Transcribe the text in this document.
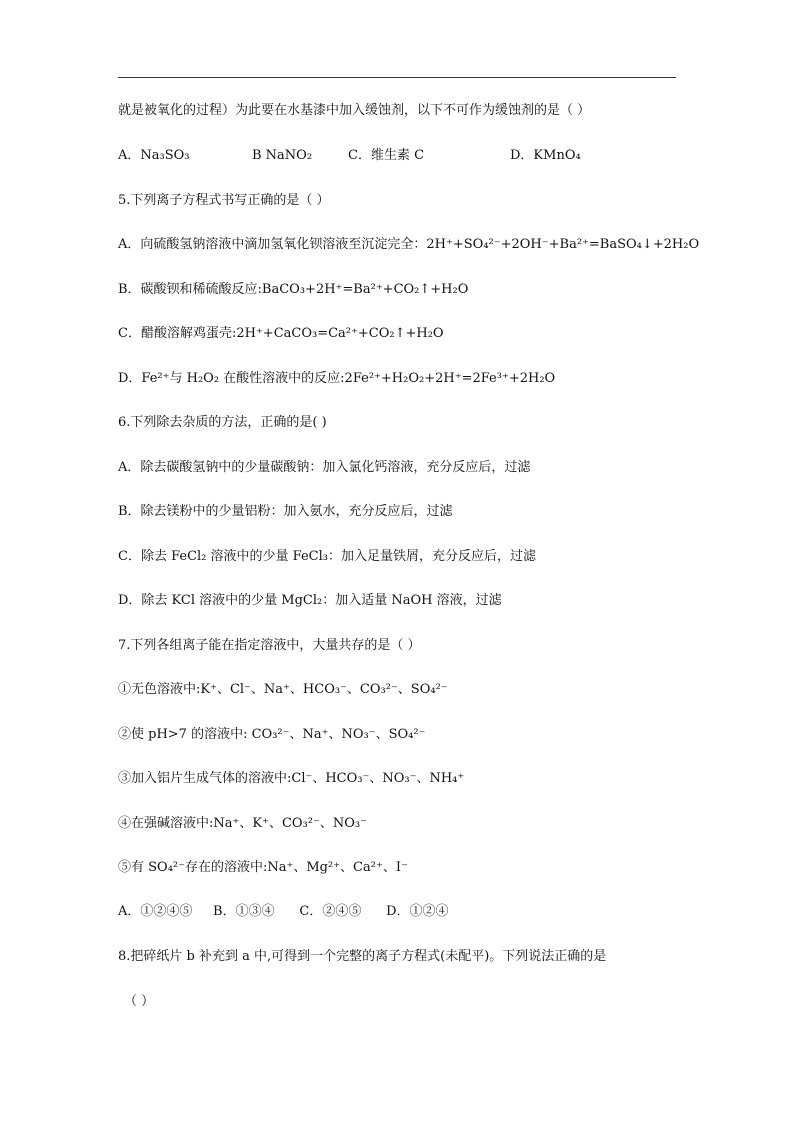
就是被氧化的过程）为此要在水基漆中加入缓蚀剂，以下不可作为缓蚀剂的是（ ）
A．Na₃SO₃	B NaNO₂	C．维生素 C	D．KMnO₄
5.下列离子方程式书写正确的是（ ）
A．向硫酸氢钠溶液中滴加氢氧化钡溶液至沉淀完全：2H⁺+SO₄²⁻+2OH⁻+Ba²⁺=BaSO₄↓+2H₂O
B．碳酸钡和稀硫酸反应:BaCO₃+2H⁺=Ba²⁺+CO₂↑+H₂O
C．醋酸溶解鸡蛋壳:2H⁺+CaCO₃=Ca²⁺+CO₂↑+H₂O
D．Fe²⁺与 H₂O₂ 在酸性溶液中的反应:2Fe²⁺+H₂O₂+2H⁺=2Fe³⁺+2H₂O
6.下列除去杂质的方法，正确的是( )
A．除去碳酸氢钠中的少量碳酸钠：加入氯化钙溶液，充分反应后，过滤
B．除去镁粉中的少量铝粉：加入氨水，充分反应后，过滤
C．除去 FeCl₂ 溶液中的少量 FeCl₃：加入足量铁屑，充分反应后，过滤
D．除去 KCl 溶液中的少量 MgCl₂：加入适量 NaOH 溶液，过滤
7.下列各组离子能在指定溶液中，大量共存的是（ ）
①无色溶液中:K⁺、Cl⁻、Na⁺、HCO₃⁻、CO₃²⁻、SO₄²⁻
②使 pH>7 的溶液中: CO₃²⁻、Na⁺、NO₃⁻、SO₄²⁻
③加入铝片生成气体的溶液中:Cl⁻、HCO₃⁻、NO₃⁻、NH₄⁺
④在强碱溶液中:Na⁺、K⁺、CO₃²⁻、NO₃⁻
⑤有 SO₄²⁻存在的溶液中:Na⁺、Mg²⁺、Ca²⁺、I⁻
A．①②④⑤     B．①③④      C．②④⑤      D．①②④
8.把碎纸片 b 补充到 a 中,可得到一个完整的离子方程式(未配平)。下列说法正确的是
（ ）
